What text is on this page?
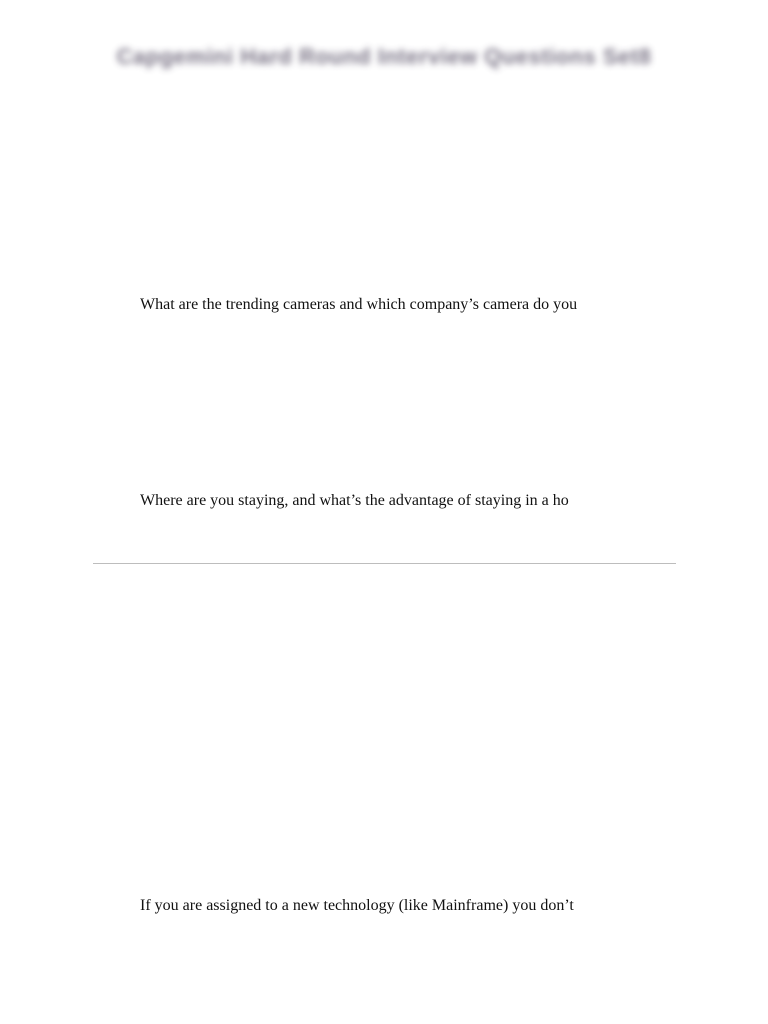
Capgemini Hard Round Interview Questions Set8
What are the trending cameras and which company’s camera do you
Where are you staying, and what’s the advantage of staying in a ho
If you are assigned to a new technology (like Mainframe) you don’t
